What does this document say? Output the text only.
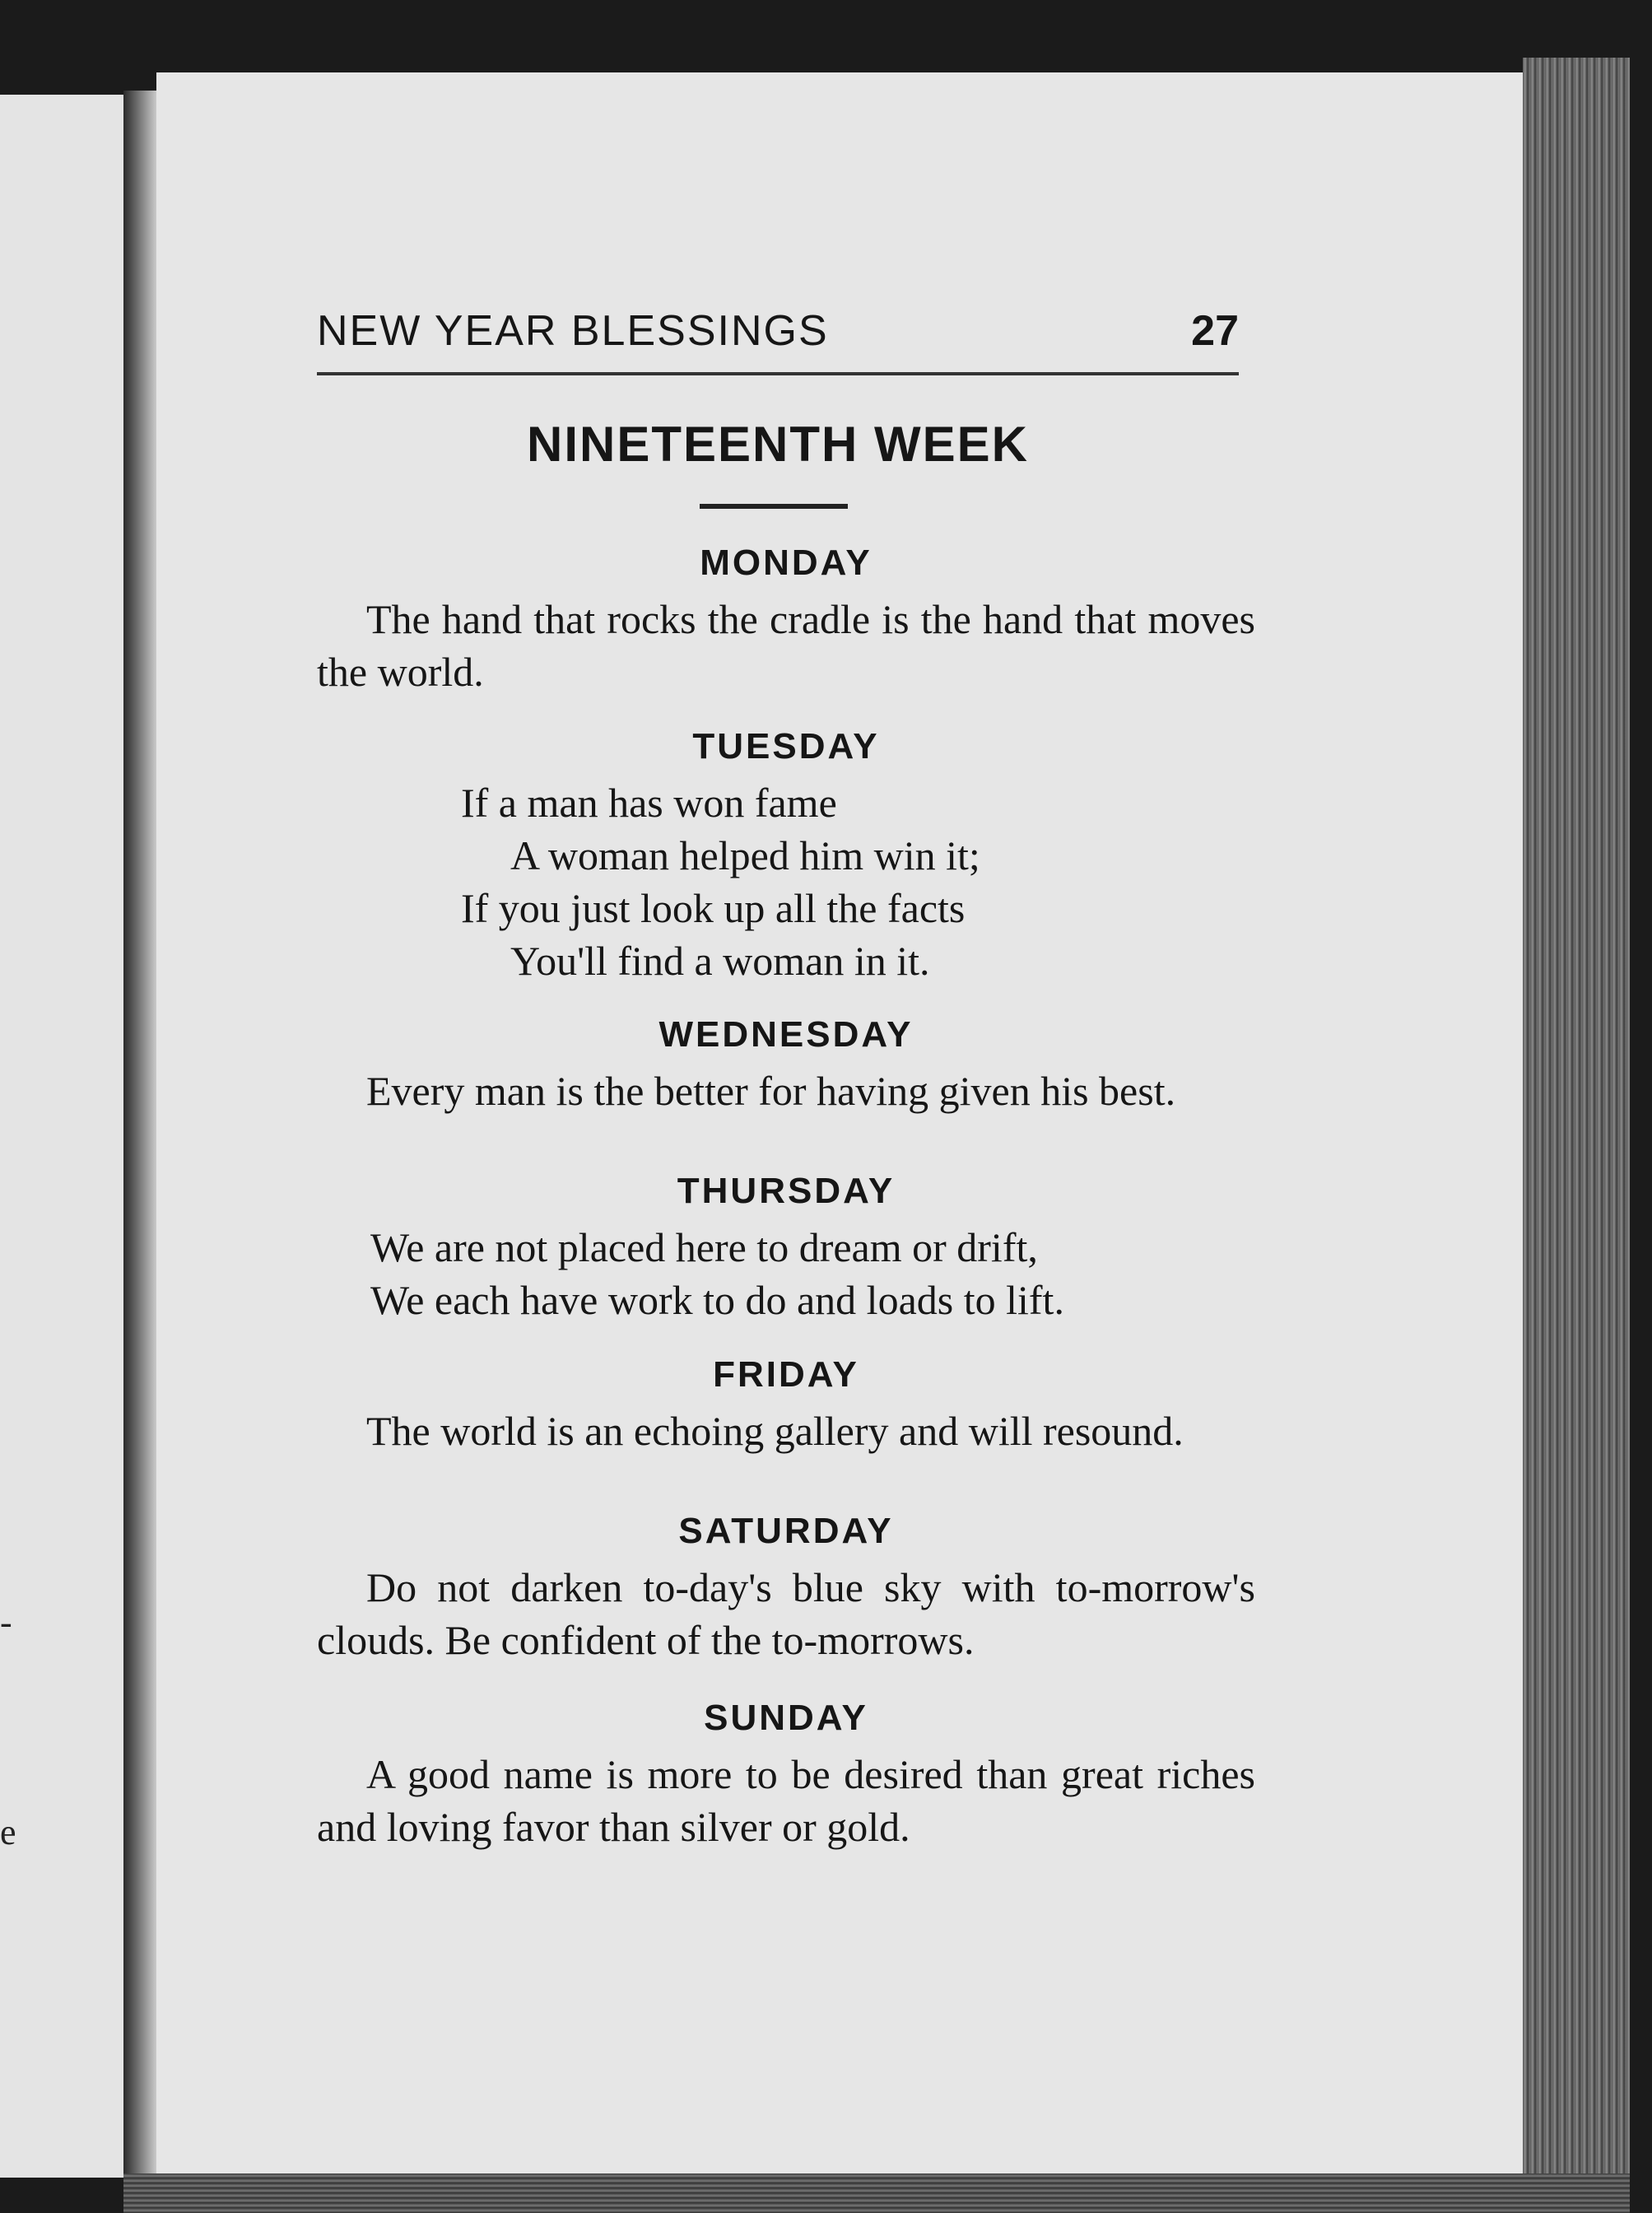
-
e
NEW YEAR BLESSINGS	27
NINETEENTH WEEK
MONDAY

The hand that rocks the cradle is the hand that moves the world.

TUESDAY
If a man has won fame
A woman helped him win it;
If you just look up all the facts
You'll find a woman in it.
WEDNESDAY

Every man is the better for having given his best.

THURSDAY
We are not placed here to dream or drift,
We each have work to do and loads to lift.
FRIDAY

The world is an echoing gallery and will resound.

SATURDAY

Do not darken to-day's blue sky with to-morrow's clouds. Be confident of the to-morrows.

SUNDAY

A good name is more to be desired than great riches and loving favor than silver or gold.
